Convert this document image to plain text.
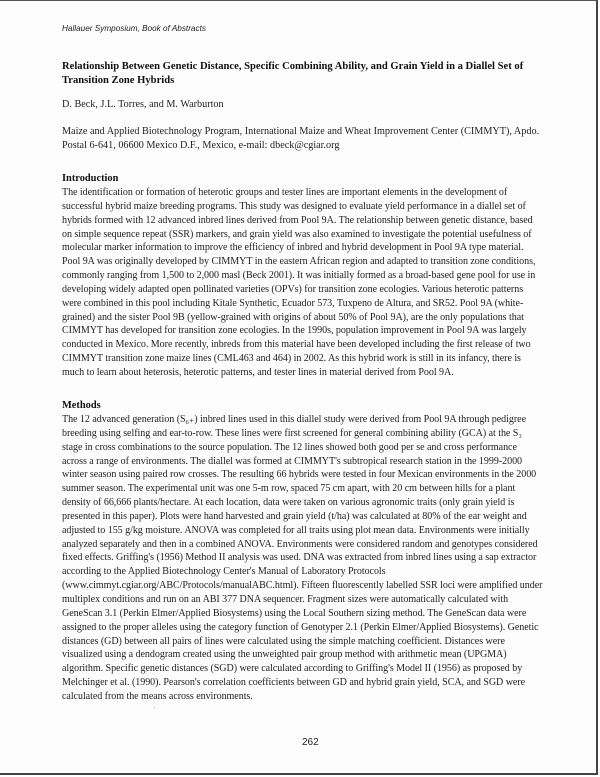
Hallauer Symposium, Book of Abstracts
Relationship Between Genetic Distance, Specific Combining Ability, and Grain Yield in a Diallel Set of Transition Zone Hybrids
D. Beck, J.L. Torres, and M. Warburton
Maize and Applied Biotechnology Program, International Maize and Wheat Improvement Center (CIMMYT), Apdo. Postal 6-641, 06600 Mexico D.F., Mexico, e-mail: dbeck@cgiar.org
Introduction

The identification or formation of heterotic groups and tester lines are important elements in the development of successful hybrid maize breeding programs. This study was designed to evaluate yield performance in a diallel set of hybrids formed with 12 advanced inbred lines derived from Pool 9A. The relationship between genetic distance, based on simple sequence repeat (SSR) markers, and grain yield was also examined to investigate the potential usefulness of molecular marker information to improve the efficiency of inbred and hybrid development in Pool 9A type material. Pool 9A was originally developed by CIMMYT in the eastern African region and adapted to transition zone conditions, commonly ranging from 1,500 to 2,000 masl (Beck 2001). It was initially formed as a broad-based gene pool for use in developing widely adapted open pollinated varieties (OPVs) for transition zone ecologies. Various heterotic patterns were combined in this pool including Kitale Synthetic, Ecuador 573, Tuxpeno de Altura, and SR52. Pool 9A (white-grained) and the sister Pool 9B (yellow-grained with origins of about 50% of Pool 9A), are the only populations that CIMMYT has developed for transition zone ecologies. In the 1990s, population improvement in Pool 9A was largely conducted in Mexico. More recently, inbreds from this material have been developed including the first release of two CIMMYT transition zone maize lines (CML463 and 464) in 2002. As this hybrid work is still in its infancy, there is much to learn about heterosis, heterotic patterns, and tester lines in material derived from Pool 9A.

Methods

The 12 advanced generation (S₆₊) inbred lines used in this diallel study were derived from Pool 9A through pedigree breeding using selfing and ear-to-row. These lines were first screened for general combining ability (GCA) at the S₃ stage in cross combinations to the source population. The 12 lines showed both good per se and cross performance across a range of environments. The diallel was formed at CIMMYT's subtropical research station in the 1999-2000 winter season using paired row crosses. The resulting 66 hybrids were tested in four Mexican environments in the 2000 summer season. The experimental unit was one 5-m row, spaced 75 cm apart, with 20 cm between hills for a plant density of 66,666 plants/hectare. At each location, data were taken on various agronomic traits (only grain yield is presented in this paper). Plots were hand harvested and grain yield (t/ha) was calculated at 80% of the ear weight and adjusted to 155 g/kg moisture. ANOVA was completed for all traits using plot mean data. Environments were initially analyzed separately and then in a combined ANOVA. Environments were considered random and genotypes considered fixed effects. Griffing's (1956) Method II analysis was used. DNA was extracted from inbred lines using a sap extractor according to the Applied Biotechnology Center's Manual of Laboratory Protocols (www.cimmyt.cgiar.org/ABC/Protocols/manualABC.html). Fifteen fluorescently labelled SSR loci were amplified under multiplex conditions and run on an ABI 377 DNA sequencer. Fragment sizes were automatically calculated with GeneScan 3.1 (Perkin Elmer/Applied Biosystems) using the Local Southern sizing method. The GeneScan data were assigned to the proper alleles using the category function of Genotyper 2.1 (Perkin Elmer/Applied Biosystems). Genetic distances (GD) between all pairs of lines were calculated using the simple matching coefficient. Distances were visualized using a dendogram created using the unweighted pair group method with arithmetic mean (UPGMA) algorithm. Specific genetic distances (SGD) were calculated according to Griffing's Model II (1956) as proposed by Melchinger et al. (1990). Pearson's correlation coefficients between GD and hybrid grain yield, SCA, and SGD were calculated from the means across environments.

262
